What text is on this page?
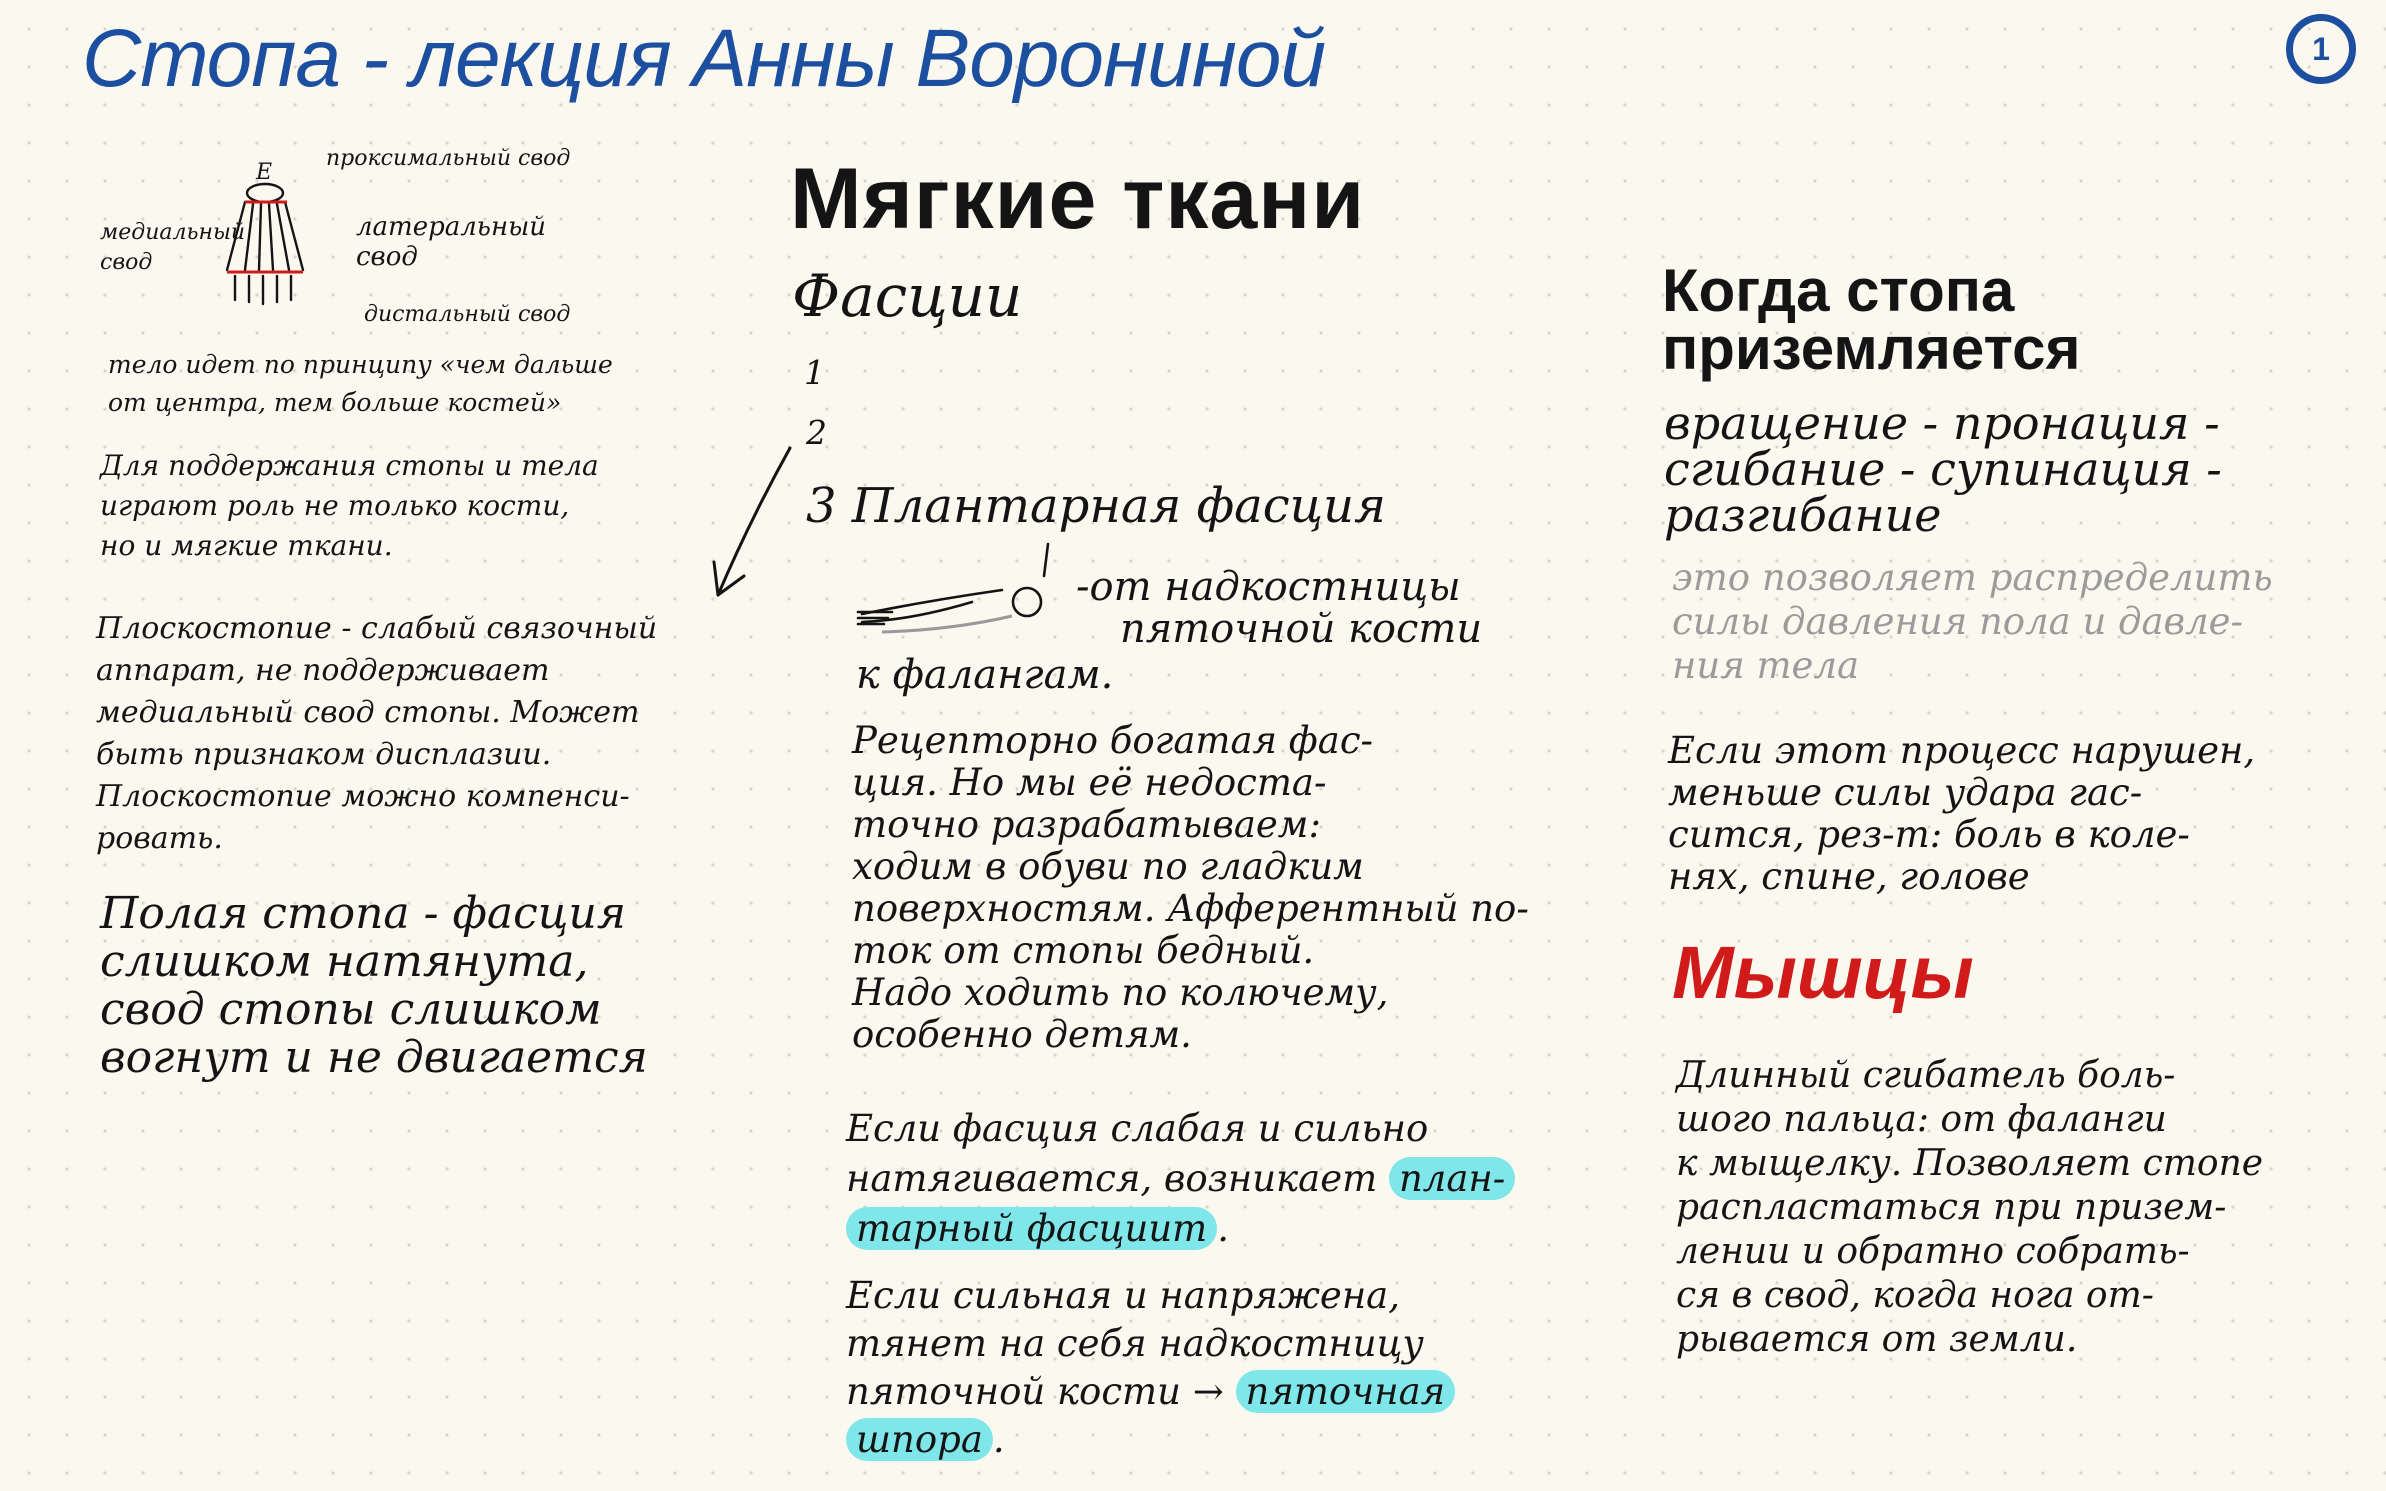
Стопа - лекция Анны Ворониной	1
E
проксимальный свод
медиальный свод
латеральный свод
дистальный свод
тело идет по принципу «чем дальше
от центра, тем больше костей»
Для поддержания стопы и тела
играют роль не только кости,
но и мягкие ткани.
Плоскостопие - слабый связочный
аппарат, не поддерживает
медиальный свод стопы. Может
быть признаком дисплазии.
Плоскостопие можно компенси-
ровать.
Полая стопа - фасция
слишком натянута,
свод стопы слишком
вогнут и не двигается
Мягкие ткани
Фасции
1
2
3 Плантарная фасция
-от надкостницы
пяточной кости
к фалангам.
Рецепторно богатая фас-
ция. Но мы её недоста-
точно разрабатываем:
ходим в обуви по гладким
поверхностям. Афферентный по-
ток от стопы бедный.
Надо ходить по колючему,
особенно детям.
Если фасция слабая и сильно
натягивается, возникает план-
тарный фасциит .
Если сильная и напряжена,
тянет на себя надкостницу
пяточной кости → пяточная
шпора .
Когда стопа приземляется
вращение - пронация -
сгибание - супинация -
разгибание
это позволяет распределить
силы давления пола и давле-
ния тела
Если этот процесс нарушен,
меньше силы удара гас-
сится, рез-т: боль в коле-
нях, спине, голове
Мышцы
Длинный сгибатель боль-
шого пальца: от фаланги
к мыщелку. Позволяет стопе
распластаться при призем-
лении и обратно собрать-
ся в свод, когда нога от-
рывается от земли.
